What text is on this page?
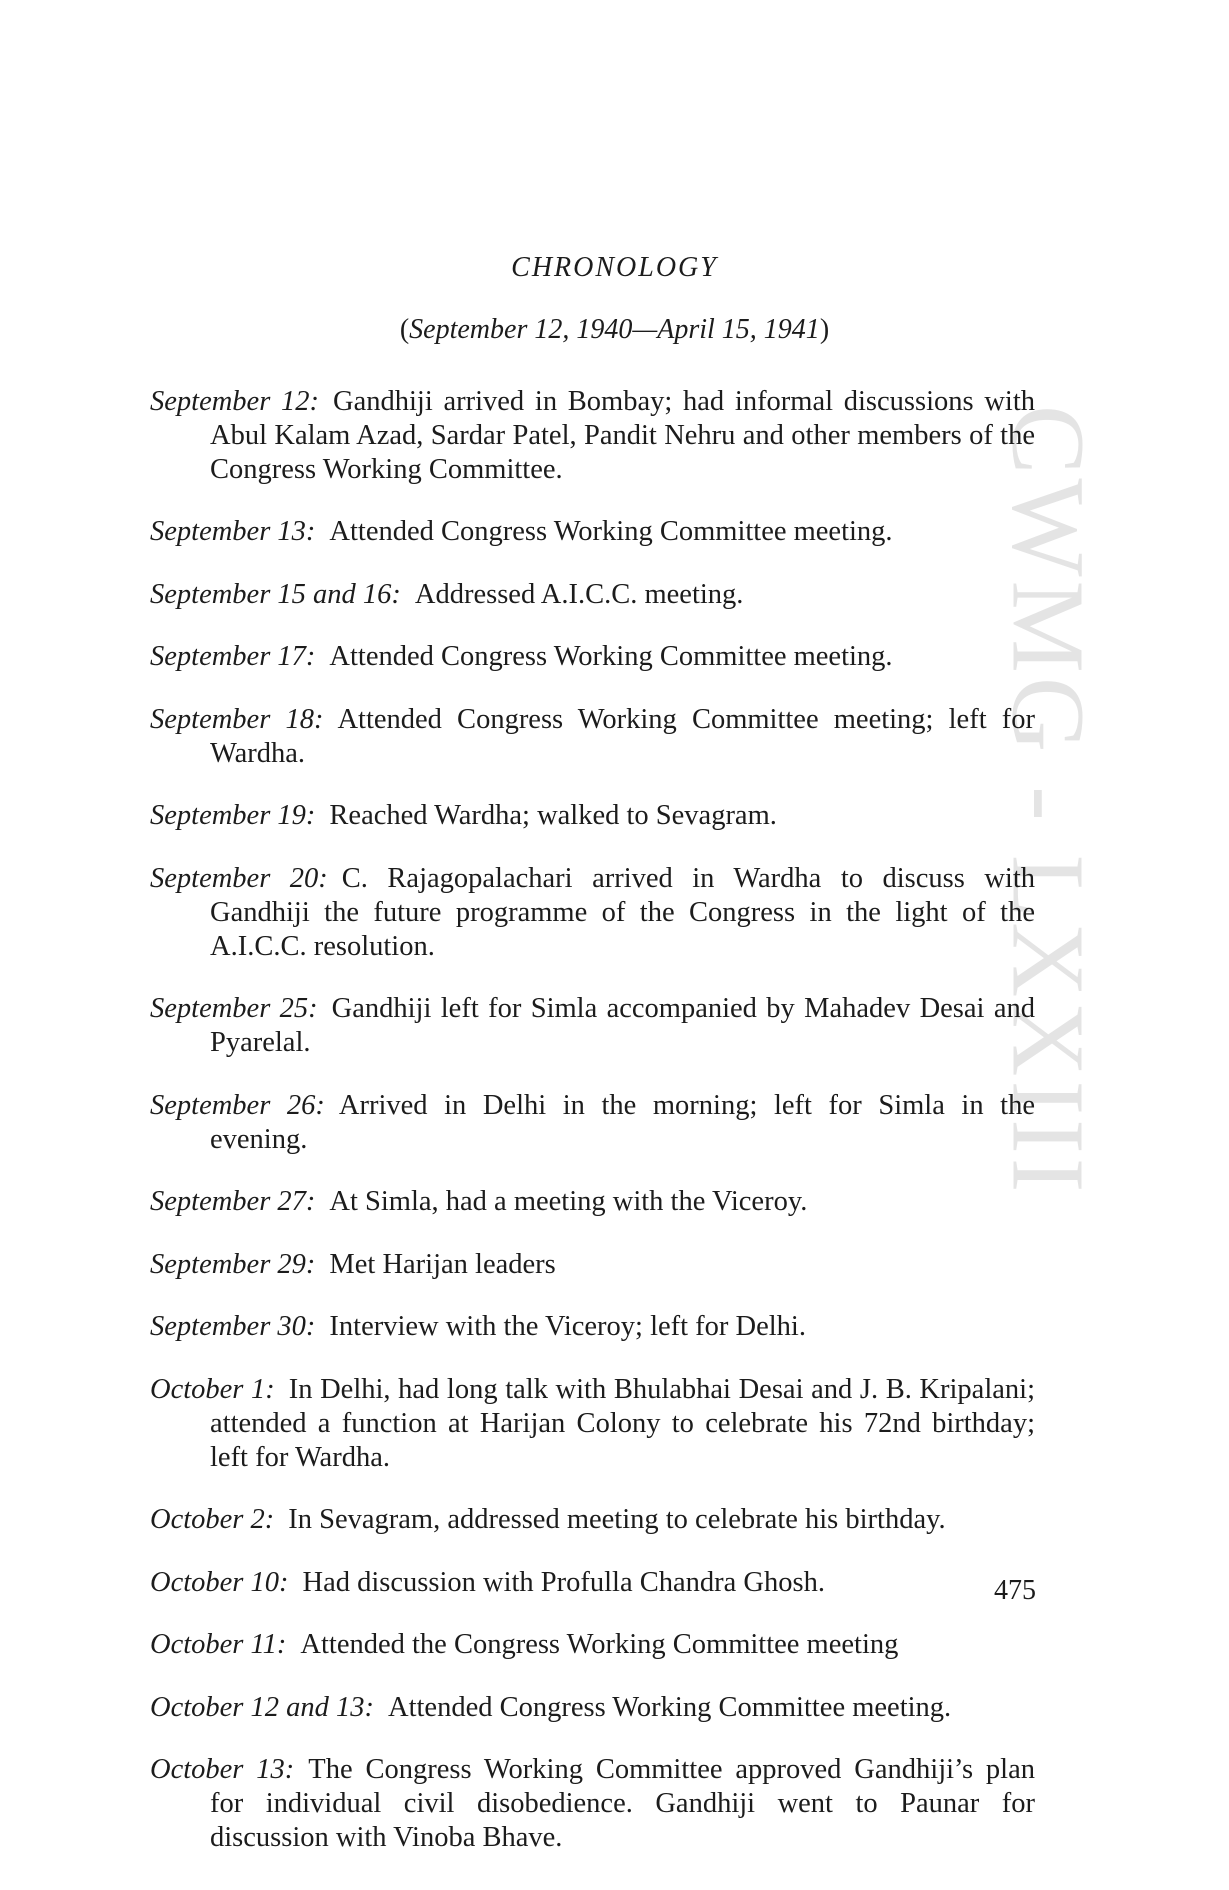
CWMG - LXXIII
CHRONOLOGY
(September 12, 1940—April 15, 1941)

September 12: Gandhiji arrived in Bombay; had informal discussions with Abul Kalam Azad, Sardar Patel, Pandit Nehru and other members of the Congress Working Committee.

September 13: Attended Congress Working Committee meeting.

September 15 and 16: Addressed A.I.C.C. meeting.

September 17: Attended Congress Working Committee meeting.

September 18: Attended Congress Working Committee meeting; left for Wardha.

September 19: Reached Wardha; walked to Sevagram.

September 20: C. Rajagopalachari arrived in Wardha to discuss with Gandhiji the future programme of the Congress in the light of the A.I.C.C. resolution.

September 25: Gandhiji left for Simla accompanied by Mahadev Desai and Pyarelal.

September 26: Arrived in Delhi in the morning; left for Simla in the evening.

September 27: At Simla, had a meeting with the Viceroy.

September 29: Met Harijan leaders

September 30: Interview with the Viceroy; left for Delhi.

October 1: In Delhi, had long talk with Bhulabhai Desai and J. B. Kripalani; attended a function at Harijan Colony to celebrate his 72nd birthday; left for Wardha.

October 2: In Sevagram, addressed meeting to celebrate his birthday.

October 10: Had discussion with Profulla Chandra Ghosh.

October 11: Attended the Congress Working Committee meeting

October 12 and 13: Attended Congress Working Committee meeting.

October 13: The Congress Working Committee approved Gandhiji’s plan for individual civil disobedience. Gandhiji went to Paunar for discussion with Vinoba Bhave.

475
